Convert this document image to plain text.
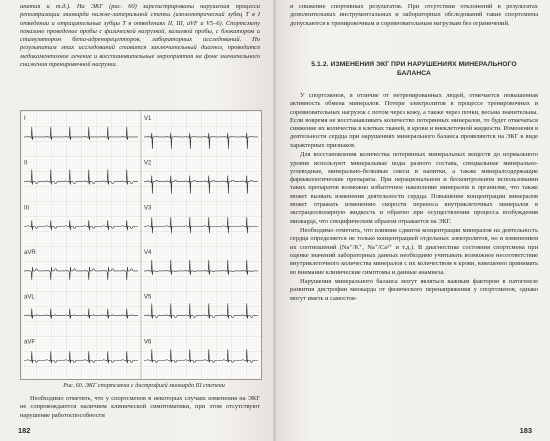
анатия и т.д.). На ЭКГ (рис. 60) зарегистрированы нарушения процесса реполяризации миокарда нижне-латеральной стенки (изоэлектрический зубец Т в I отведении и отрицательные зубцы Т в отведениях II, III, aVF и V5–6). Спортсмену показано проведение пробы с физической нагрузкой, калиевой пробы, с блокатором и стимулятором бета-адренорецепторов, лабораторных исследований. По результатам этих исследований ставится заключительный диагноз, проводится медикаментозное лечение и восстановительные мероприятия на фоне значительного снижения тренировочной нагрузки.

I	V1
II	V2
III	V3
aVR	V4
aVL	V5
aVF	V6
Рис. 60. ЭКГ спортсмена с дистрофией миокарда III степени

Необходимо отметить, что у спортсменов в некоторых случаях изменения на ЭКГ не сопровождаются наличием клинической симптоматики, при этом отсутствуют нарушение работоспособности

182

и снижение спортивных результатов. При отсутствии отклонений в результатах дополнительных инструментальных и лабораторных обследований такие спортсмены допускаются к тренировочным и соревновательным нагрузкам без ограничений.

5.1.2. ИЗМЕНЕНИЯ ЭКГ ПРИ НАРУШЕНИЯХ МИНЕРАЛЬНОГО БАЛАНСА

У спортсменов, в отличие от нетренированных людей, отмечается повышенная активность обмена минералов. Потери электролитов в процессе тренировочных и соревновательных нагрузок с потом через кожу, а также через почки, весьма значительны. Если вовремя не восстанавливать количество потерянных минералов, то будет отмечаться снижение их количества в клетках тканей, в крови и внеклеточной жидкости. Изменения в деятельности сердца при нарушениях минерального баланса проявляются на ЭКГ в виде характерных признаков.

Для восстановления количества потерянных минеральных веществ до нормального уровня используют минеральные воды разного состава, специальные минерально-углеводные, минерально-белковые смеси и напитки, а также минералсодержащие фармакологические препараты. При нерациональном и бесконтрольном использовании таких препаратов возможно избыточное накопление минералов в организме, что также может вызвать изменения деятельности сердца. Повышение концентрации минералов может отражать изменению скорости переноса внутриклеточных минералов в экстрацеллюлярную жидкость и обратно при осуществлении процесса возбуждения миокарда, что специфическим образом отражается на ЭКГ.

Необходимо отметить, что влияние сдвигов концентрации минералов на деятельность сердца определяется не только концентрацией отдельных электролитов, но и изменением их соотношений (Na⁺/K⁺, Na⁺/Ca²⁺ и т.д.). В диагностике состояния спортсмена при оценке значений лабораторных данных необходимо учитывать возможное несоответствие внутриклеточного количества минералов с их количеством в крови, взвешенно принимать во внимание клинические симптомы и данные анамнеза.

Нарушения минерального баланса могут являться важным фактором в патогенезе развития дистрофии миокарда от физического перенапряжения у спортсменов, однако могут иметь и самостоя-

183
